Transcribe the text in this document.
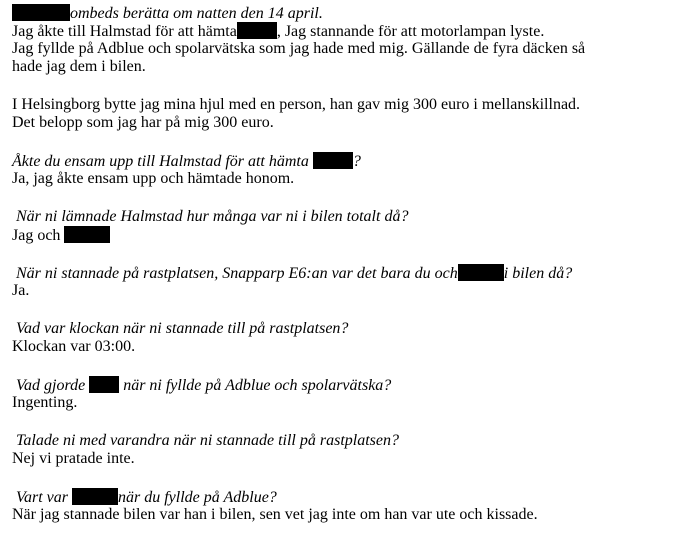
ombeds berätta om natten den 14 april.
Jag åkte till Halmstad för att hämta	, Jag stannande för att motorlampan lyste.
Jag fyllde på Adblue och spolarvätska som jag hade med mig. Gällande de fyra däcken så
hade jag dem i bilen.
I Helsingborg bytte jag mina hjul med en person, han gav mig 300 euro i mellanskillnad.
Det belopp som jag har på mig 300 euro.
Åkte du ensam upp till Halmstad för att hämta	?
Ja, jag åkte ensam upp och hämtade honom.
När ni lämnade Halmstad hur många var ni i bilen totalt då?
Jag och
När ni stannade på rastplatsen, Snapparp E6:an var det bara du och	i bilen då?
Ja.
Vad var klockan när ni stannade till på rastplatsen?
Klockan var 03:00.
Vad gjorde när ni fyllde på Adblue och spolarvätska?
Ingenting.
Talade ni med varandra när ni stannade till på rastplatsen?
Nej vi pratade inte.
Vart var	när du fyllde på Adblue?
När jag stannade bilen var han i bilen, sen vet jag inte om han var ute och kissade.
